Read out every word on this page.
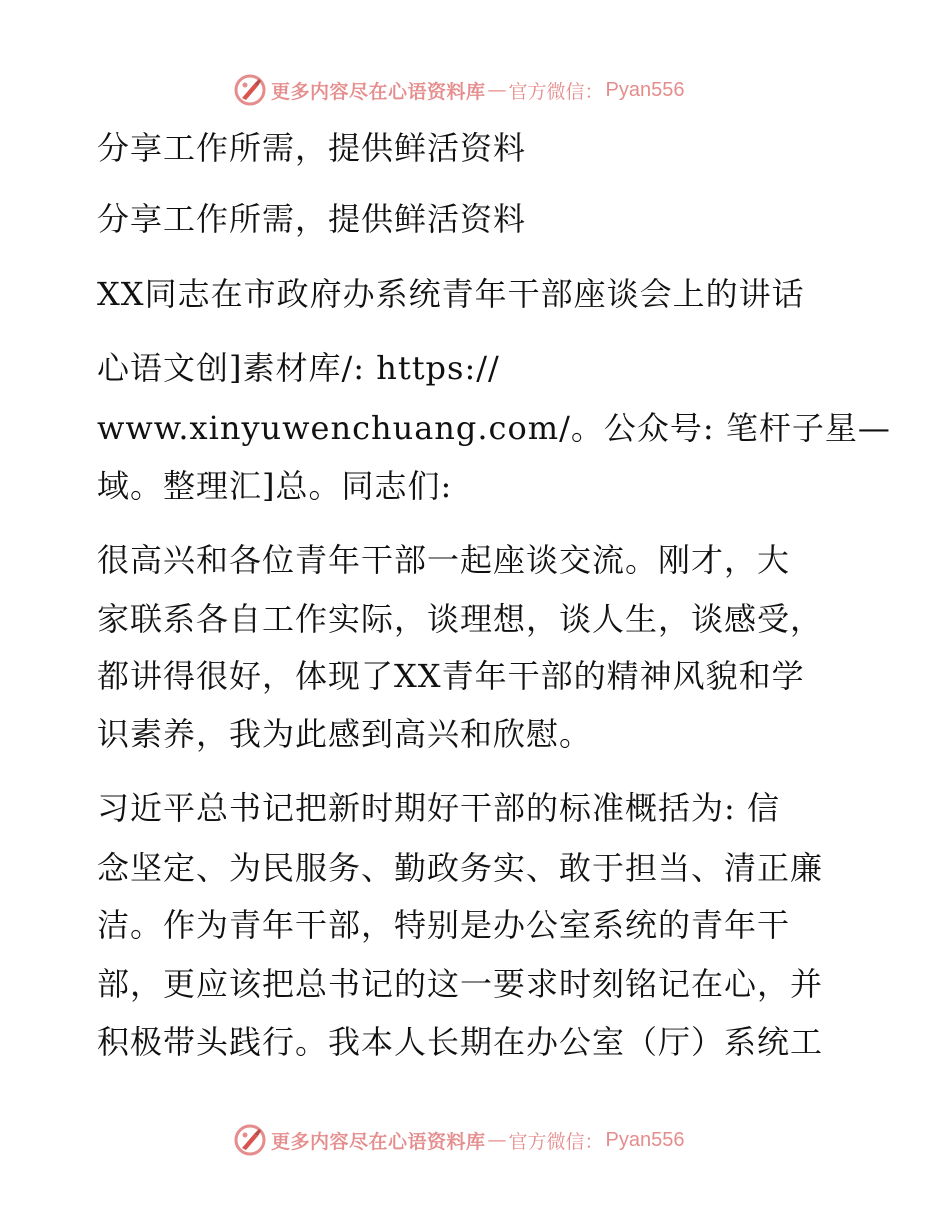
更多内容尽在心语资料库 — 官方微信： Pyan556
分享工作所需，提供鲜活资料
分享工作所需，提供鲜活资料
XX同志在市政府办系统青年干部座谈会上的讲话
心语文创]素材库/: https://
www.xinyuwenchuang.com/。公众号: 笔杆子星—
域。整理汇]总。同志们:
很高兴和各位青年干部一起座谈交流。刚才，大
家联系各自工作实际，谈理想，谈人生，谈感受，
都讲得很好，体现了XX青年干部的精神风貌和学
识素养，我为此感到高兴和欣慰。
习近平总书记把新时期好干部的标准概括为: 信
念坚定、为民服务、勤政务实、敢于担当、清正廉
洁。作为青年干部，特别是办公室系统的青年干
部，更应该把总书记的这一要求时刻铭记在心，并
积极带头践行。我本人长期在办公室（厅）系统工
更多内容尽在心语资料库 — 官方微信： Pyan556
